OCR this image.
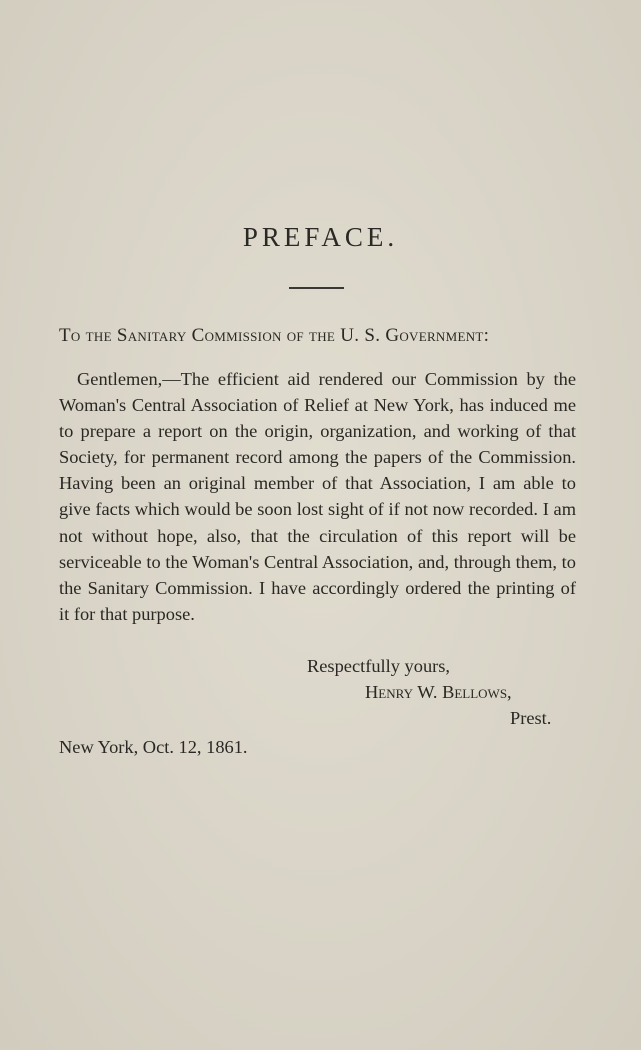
PREFACE.
To the Sanitary Commission of the U. S. Government:

Gentlemen,—The efficient aid rendered our Commission by the Woman's Central Association of Relief at New York, has induced me to prepare a report on the origin, organization, and working of that Society, for permanent record among the papers of the Commission. Having been an original member of that Association, I am able to give facts which would be soon lost sight of if not now recorded. I am not without hope, also, that the circulation of this report will be serviceable to the Woman's Central Association, and, through them, to the Sanitary Commission. I have accordingly ordered the printing of it for that purpose.

Respectfully yours,
Henry W. Bellows,
Prest.
New York, Oct. 12, 1861.
